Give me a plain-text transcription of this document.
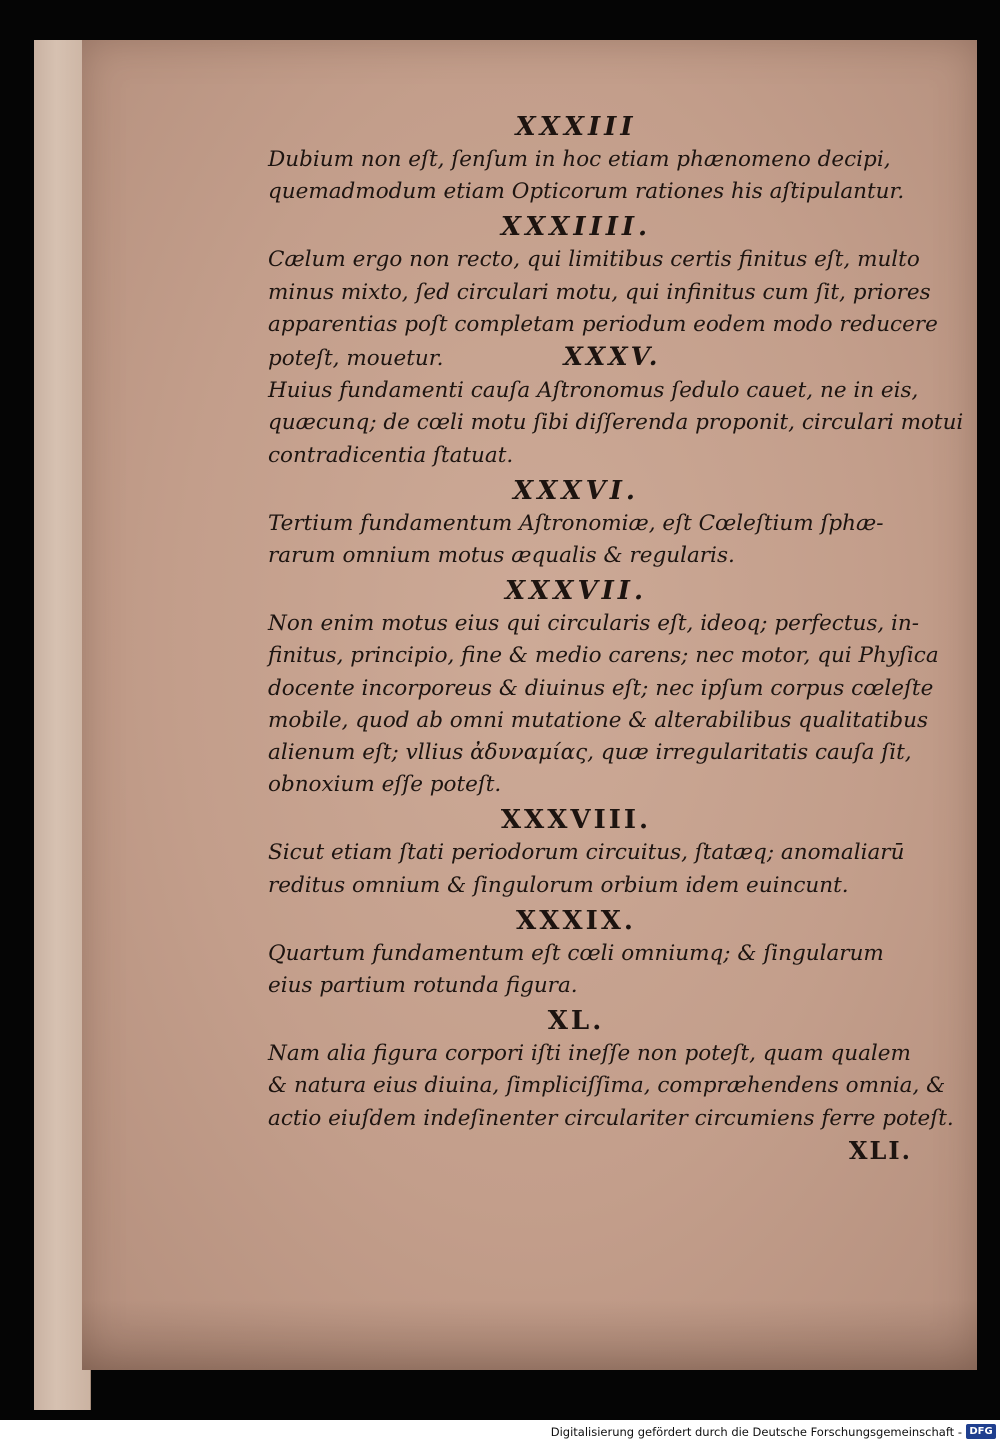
XXXIII

Dubium non eſt, ſenſum in hoc etiam phænomeno decipi,
quemadmodum etiam Opticorum rationes his aſtipulantur.

XXXIIII.

Cælum ergo non recto, qui limitibus certis finitus eſt, multo
minus mixto, ſed circulari motu, qui infinitus cum ſit, priores
apparentias poſt completam periodum eodem modo reducere
poteſt, mouetur.	XXXV.

Huius fundamenti cauſa Aſtronomus ſedulo cauet, ne in eis,
quæcunq; de cœli motu ſibi diſſerenda proponit, circulari motui
contradicentia ſtatuat.

XXXVI.

Tertium fundamentum Aſtronomiæ, eſt Cœleſtium ſphæ-
rarum omnium motus æqualis & regularis.

XXXVII.

Non enim motus eius qui circularis eſt, ideoq; perfectus, in-
finitus, principio, fine & medio carens; nec motor, qui Phyſica
docente incorporeus & diuinus eſt; nec ipſum corpus cœleſte
mobile, quod ab omni mutatione & alterabilibus qualitatibus
alienum eſt; vllius ἀδυναμίας, quæ irregularitatis cauſa ſit,
obnoxium eſſe poteſt.

XXXVIII.

Sicut etiam ſtati periodorum circuitus, ſtatæq; anomaliarū
reditus omnium & ſingulorum orbium idem euincunt.

XXXIX.

Quartum fundamentum eſt cœli omniumq; & ſingularum
eius partium rotunda figura.

XL.

Nam alia figura corpori iſti ineſſe non poteſt, quam qualem
& natura eius diuina, ſimpliciſſima, compræhendens omnia, &
actio eiuſdem indeſinenter circulariter circumiens ferre poteſt.

XLI.
Digitalisierung gefördert durch die Deutsche Forschungsgemeinschaft - DFG
